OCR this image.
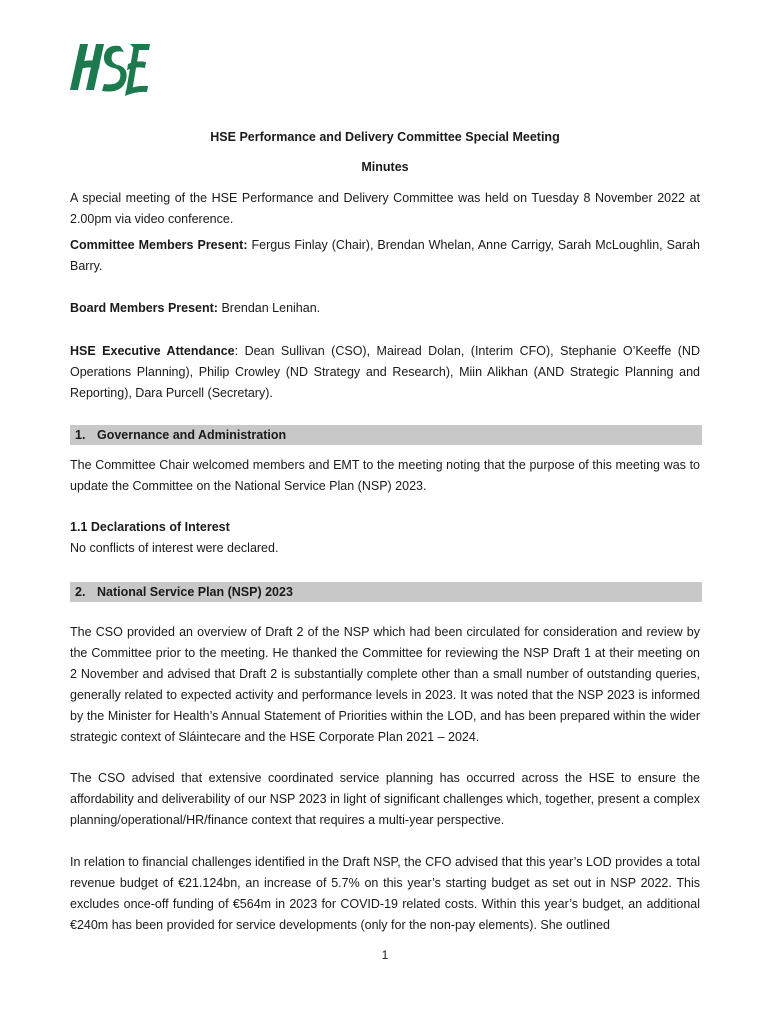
HSE Performance and Delivery Committee Special Meeting
Minutes
A special meeting of the HSE Performance and Delivery Committee was held on Tuesday 8 November 2022 at 2.00pm via video conference.
Committee Members Present: Fergus Finlay (Chair), Brendan Whelan, Anne Carrigy, Sarah McLoughlin, Sarah Barry.
Board Members Present: Brendan Lenihan.
HSE Executive Attendance: Dean Sullivan (CSO), Mairead Dolan, (Interim CFO), Stephanie O’Keeffe (ND Operations Planning), Philip Crowley (ND Strategy and Research), Miin Alikhan (AND Strategic Planning and Reporting), Dara Purcell (Secretary).
1. Governance and Administration
The Committee Chair welcomed members and EMT to the meeting noting that the purpose of this meeting was to update the Committee on the National Service Plan (NSP) 2023.
1.1 Declarations of Interest
No conflicts of interest were declared.
2. National Service Plan (NSP) 2023
The CSO provided an overview of Draft 2 of the NSP which had been circulated for consideration and review by the Committee prior to the meeting. He thanked the Committee for reviewing the NSP Draft 1 at their meeting on 2 November and advised that Draft 2 is substantially complete other than a small number of outstanding queries, generally related to expected activity and performance levels in 2023. It was noted that the NSP 2023 is informed by the Minister for Health’s Annual Statement of Priorities within the LOD, and has been prepared within the wider strategic context of Sláintecare and the HSE Corporate Plan 2021 – 2024.
The CSO advised that extensive coordinated service planning has occurred across the HSE to ensure the affordability and deliverability of our NSP 2023 in light of significant challenges which, together, present a complex planning/operational/HR/finance context that requires a multi-year perspective.
In relation to financial challenges identified in the Draft NSP, the CFO advised that this year’s LOD provides a total revenue budget of €21.124bn, an increase of 5.7% on this year’s starting budget as set out in NSP 2022. This excludes once-off funding of €564m in 2023 for COVID-19 related costs. Within this year’s budget, an additional €240m has been provided for service developments (only for the non-pay elements). She outlined
1
